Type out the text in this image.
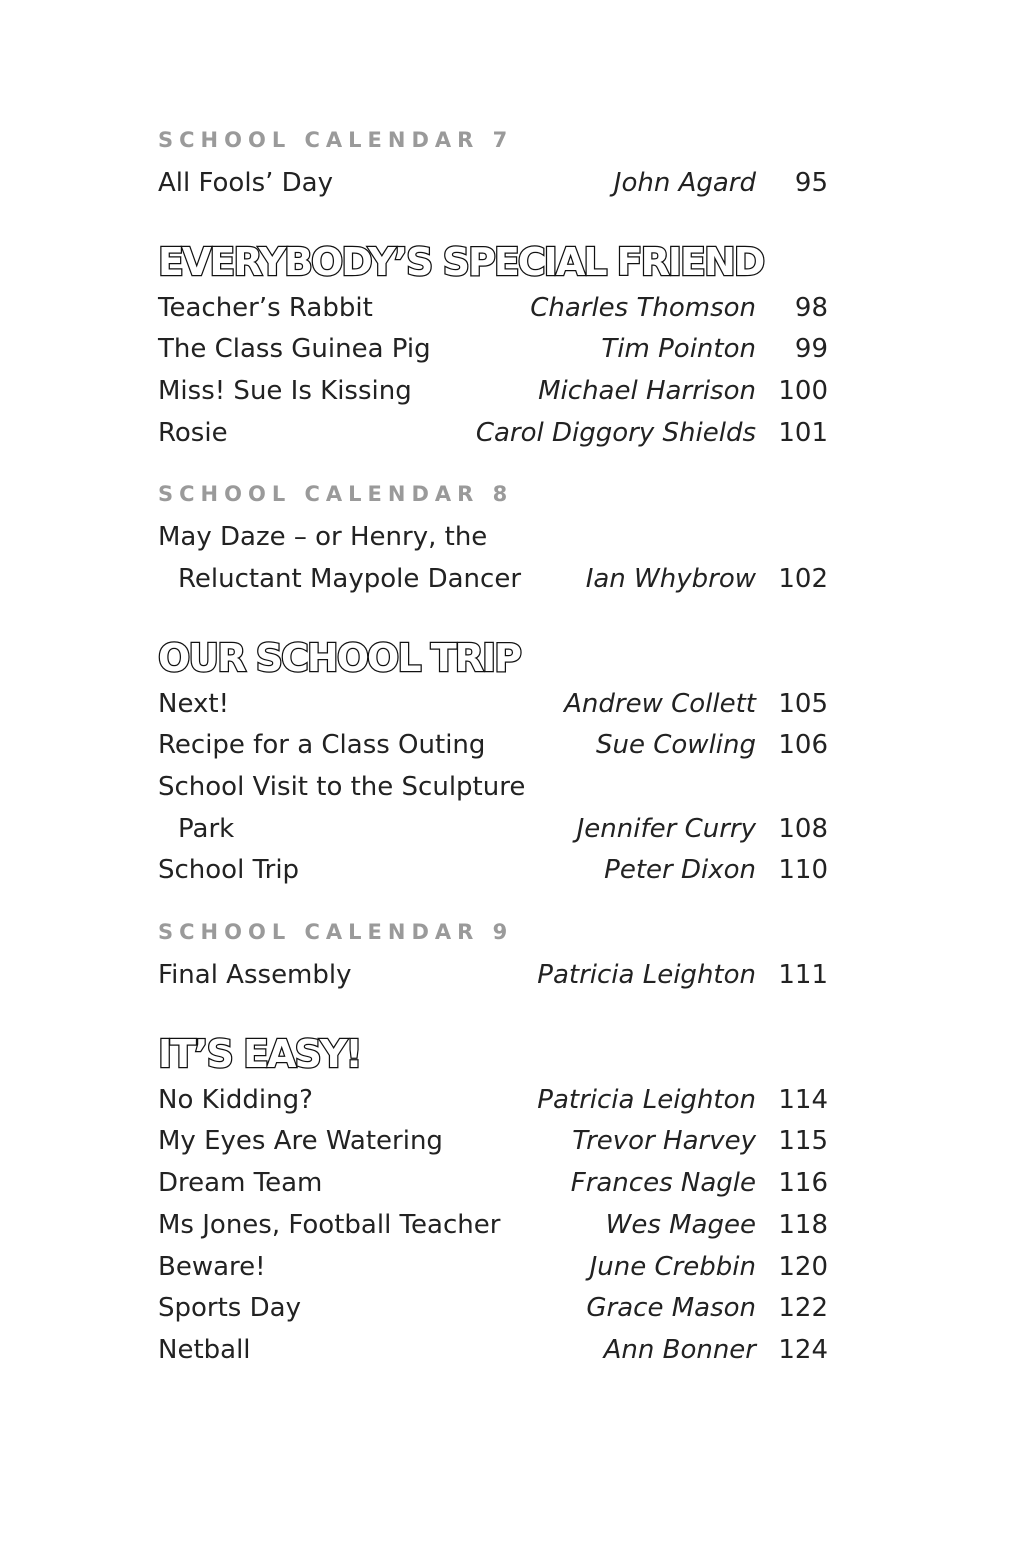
SCHOOL CALENDAR 7
All Fools’ Day	John Agard 95
EVERYBODY’S SPECIAL FRIEND
Teacher’s Rabbit	Charles Thomson 98
The Class Guinea Pig	Tim Pointon 99
Miss! Sue Is Kissing	Michael Harrison 100
Rosie	Carol Diggory Shields 101
SCHOOL CALENDAR 8
May Daze – or Henry, the
Reluctant Maypole Dancer Ian Whybrow 102
OUR SCHOOL TRIP
Next!	Andrew Collett 105
Recipe for a Class Outing	Sue Cowling 106
School Visit to the Sculpture
Park	Jennifer Curry 108
School Trip	Peter Dixon 110
SCHOOL CALENDAR 9
Final Assembly	Patricia Leighton 111
IT’S EASY!
No Kidding?	Patricia Leighton 114
My Eyes Are Watering	Trevor Harvey 115
Dream Team	Frances Nagle 116
Ms Jones, Football Teacher	Wes Magee 118
Beware!	June Crebbin 120
Sports Day	Grace Mason 122
Netball	Ann Bonner 124
